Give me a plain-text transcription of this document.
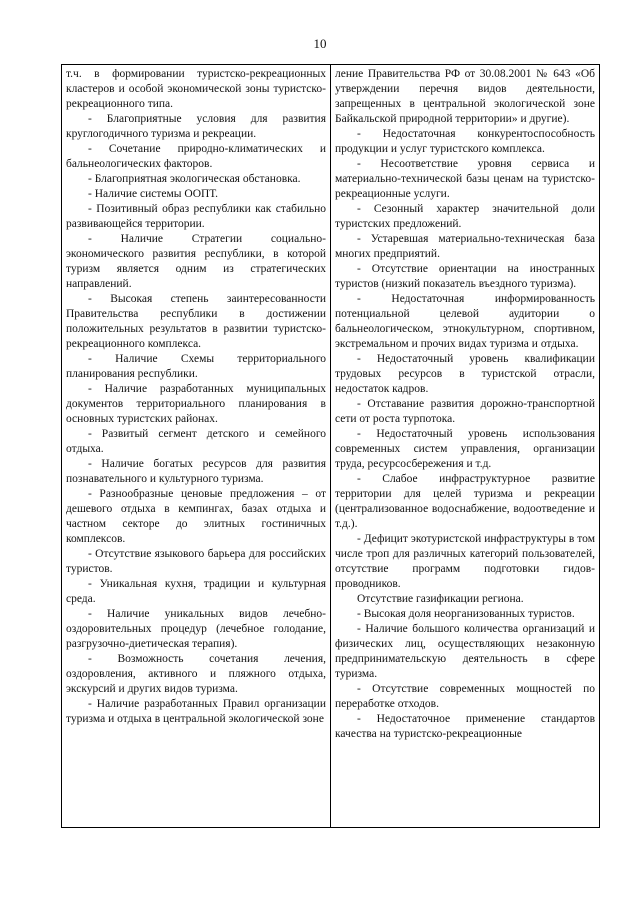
10

т.ч. в формировании туристско-рекреационных кластеров и особой экономической зоны туристско-рекреационного типа.

- Благоприятные условия для развития круглогодичного туризма и рекреации.

- Сочетание природно-климатических и бальнеологических факторов.

- Благоприятная экологическая обстановка.

- Наличие системы ООПТ.

- Позитивный образ республики как стабильно развивающейся территории.

- Наличие Стратегии социально-экономического развития республики, в которой туризм является одним из стратегических направлений.

- Высокая степень заинтересованности Правительства республики в достижении положительных результатов в развитии туристско-рекреационного комплекса.

- Наличие Схемы территориального планирования республики.

- Наличие разработанных муниципальных документов территориального планирования в основных туристских районах.

- Развитый сегмент детского и семейного отдыха.

- Наличие богатых ресурсов для развития познавательного и культурного туризма.

- Разнообразные ценовые предложения – от дешевого отдыха в кемпингах, базах отдыха и частном секторе до элитных гостиничных комплексов.

- Отсутствие языкового барьера для российских туристов.

- Уникальная кухня, традиции и культурная среда.

- Наличие уникальных видов лечебно-оздоровительных процедур (лечебное голодание, разгрузочно-диетическая терапия).

- Возможность сочетания лечения, оздоровления, активного и пляжного отдыха, экскурсий и других видов туризма.

- Наличие разработанных Правил организации туризма и отдыха в центральной экологической зоне

ление Правительства РФ от 30.08.2001 № 643 «Об утверждении перечня видов деятельности, запрещенных в центральной экологической зоне Байкальской природной территории» и другие).

- Недостаточная конкурентоспособность продукции и услуг туристского комплекса.

- Несоответствие уровня сервиса и материально-технической базы ценам на туристско-рекреационные услуги.

- Сезонный характер значительной доли туристских предложений.

- Устаревшая материально-техническая база многих предприятий.

- Отсутствие ориентации на иностранных туристов (низкий показатель въездного туризма).

- Недостаточная информированность потенциальной целевой аудитории о бальнеологическом, этнокультурном, спортивном, экстремальном и прочих видах туризма и отдыха.

- Недостаточный уровень квалификации трудовых ресурсов в туристской отрасли, недостаток кадров.

- Отставание развития дорожно-транспортной сети от роста турпотока.

- Недостаточный уровень использования современных систем управления, организации труда, ресурсосбережения и т.д.

- Слабое инфраструктурное развитие территории для целей туризма и рекреации (централизованное водоснабжение, водоотведение и т.д.).

- Дефицит экотуристской инфраструктуры в том числе троп для различных категорий пользователей, отсутствие программ подготовки гидов-проводников.

Отсутствие газификации региона.

- Высокая доля неорганизованных туристов.

- Наличие большого количества организаций и физических лиц, осуществляющих незаконную предпринимательскую деятельность в сфере туризма.

- Отсутствие современных мощностей по переработке отходов.

- Недостаточное применение стандартов качества на туристско-рекреационные
